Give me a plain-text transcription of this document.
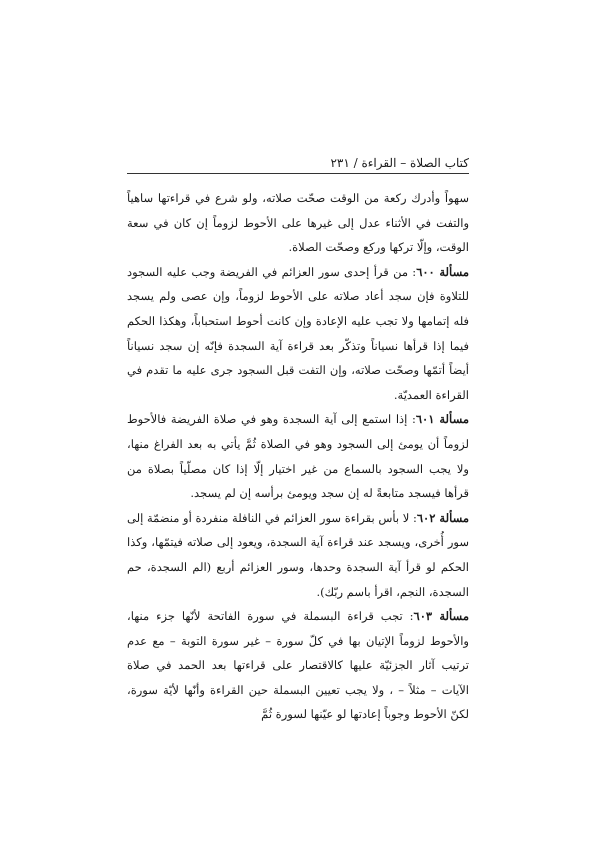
كتاب الصلاة – القراءة / ٢٣١

سهواً وأدرك ركعة من الوقت صحّت صلاته، ولو شرع في قراءتها ساهياً والتفت في الأثناء عدل إلى غيرها على الأحوط لزوماً إن كان في سعة الوقت، وإلّا تركها وركع وصحّت الصلاة.

مسألة ٦٠٠: من قرأ إحدى سور العزائم في الفريضة وجب عليه السجود للتلاوة فإن سجد أعاد صلاته على الأحوط لزوماً، وإن عصى ولم يسجد فله إتمامها ولا تجب عليه الإعادة وإن كانت أحوط استحباباً، وهكذا الحكم فيما إذا قرأها نسياناً وتذكّر بعد قراءة آية السجدة فإنّه إن سجد نسياناً أيضاً أتمّها وصحّت صلاته، وإن التفت قبل السجود جرى عليه ما تقدم في القراءة العمديّة.

مسألة ٦٠١: إذا استمع إلى آية السجدة وهو في صلاة الفريضة فالأحوط لزوماً أن يومئ إلى السجود وهو في الصلاة ثُمَّ يأتي به بعد الفراغ منها، ولا يجب السجود بالسماع من غير اختيار إلّا إذا كان مصلّياً بصلاة من قرأها فيسجد متابعةً له إن سجد ويومئ برأسه إن لم يسجد.

مسألة ٦٠٢: لا بأس بقراءة سور العزائم في النافلة منفردة أو منضمّة إلى سور أُخرى، ويسجد عند قراءة آية السجدة، ويعود إلى صلاته فيتمّها، وكذا الحكم لو قرأ آية السجدة وحدها، وسور العزائم أربع (الم السجدة، حم السجدة، النجم، اقرأ باسم ربّك).

مسألة ٦٠٣: تجب قراءة البسملة في سورة الفاتحة لأنّها جزء منها، والأحوط لزوماً الإتيان بها في كلّ سورة – غير سورة التوبة – مع عدم ترتيب آثار الجزئيّة عليها كالاقتصار على قراءتها بعد الحمد في صلاة الآيات – مثلاً – ، ولا يجب تعيين البسملة حين القراءة وأنّها لأيّة سورة، لكنّ الأحوط وجوباً إعادتها لو عيّنها لسورة ثُمَّ
